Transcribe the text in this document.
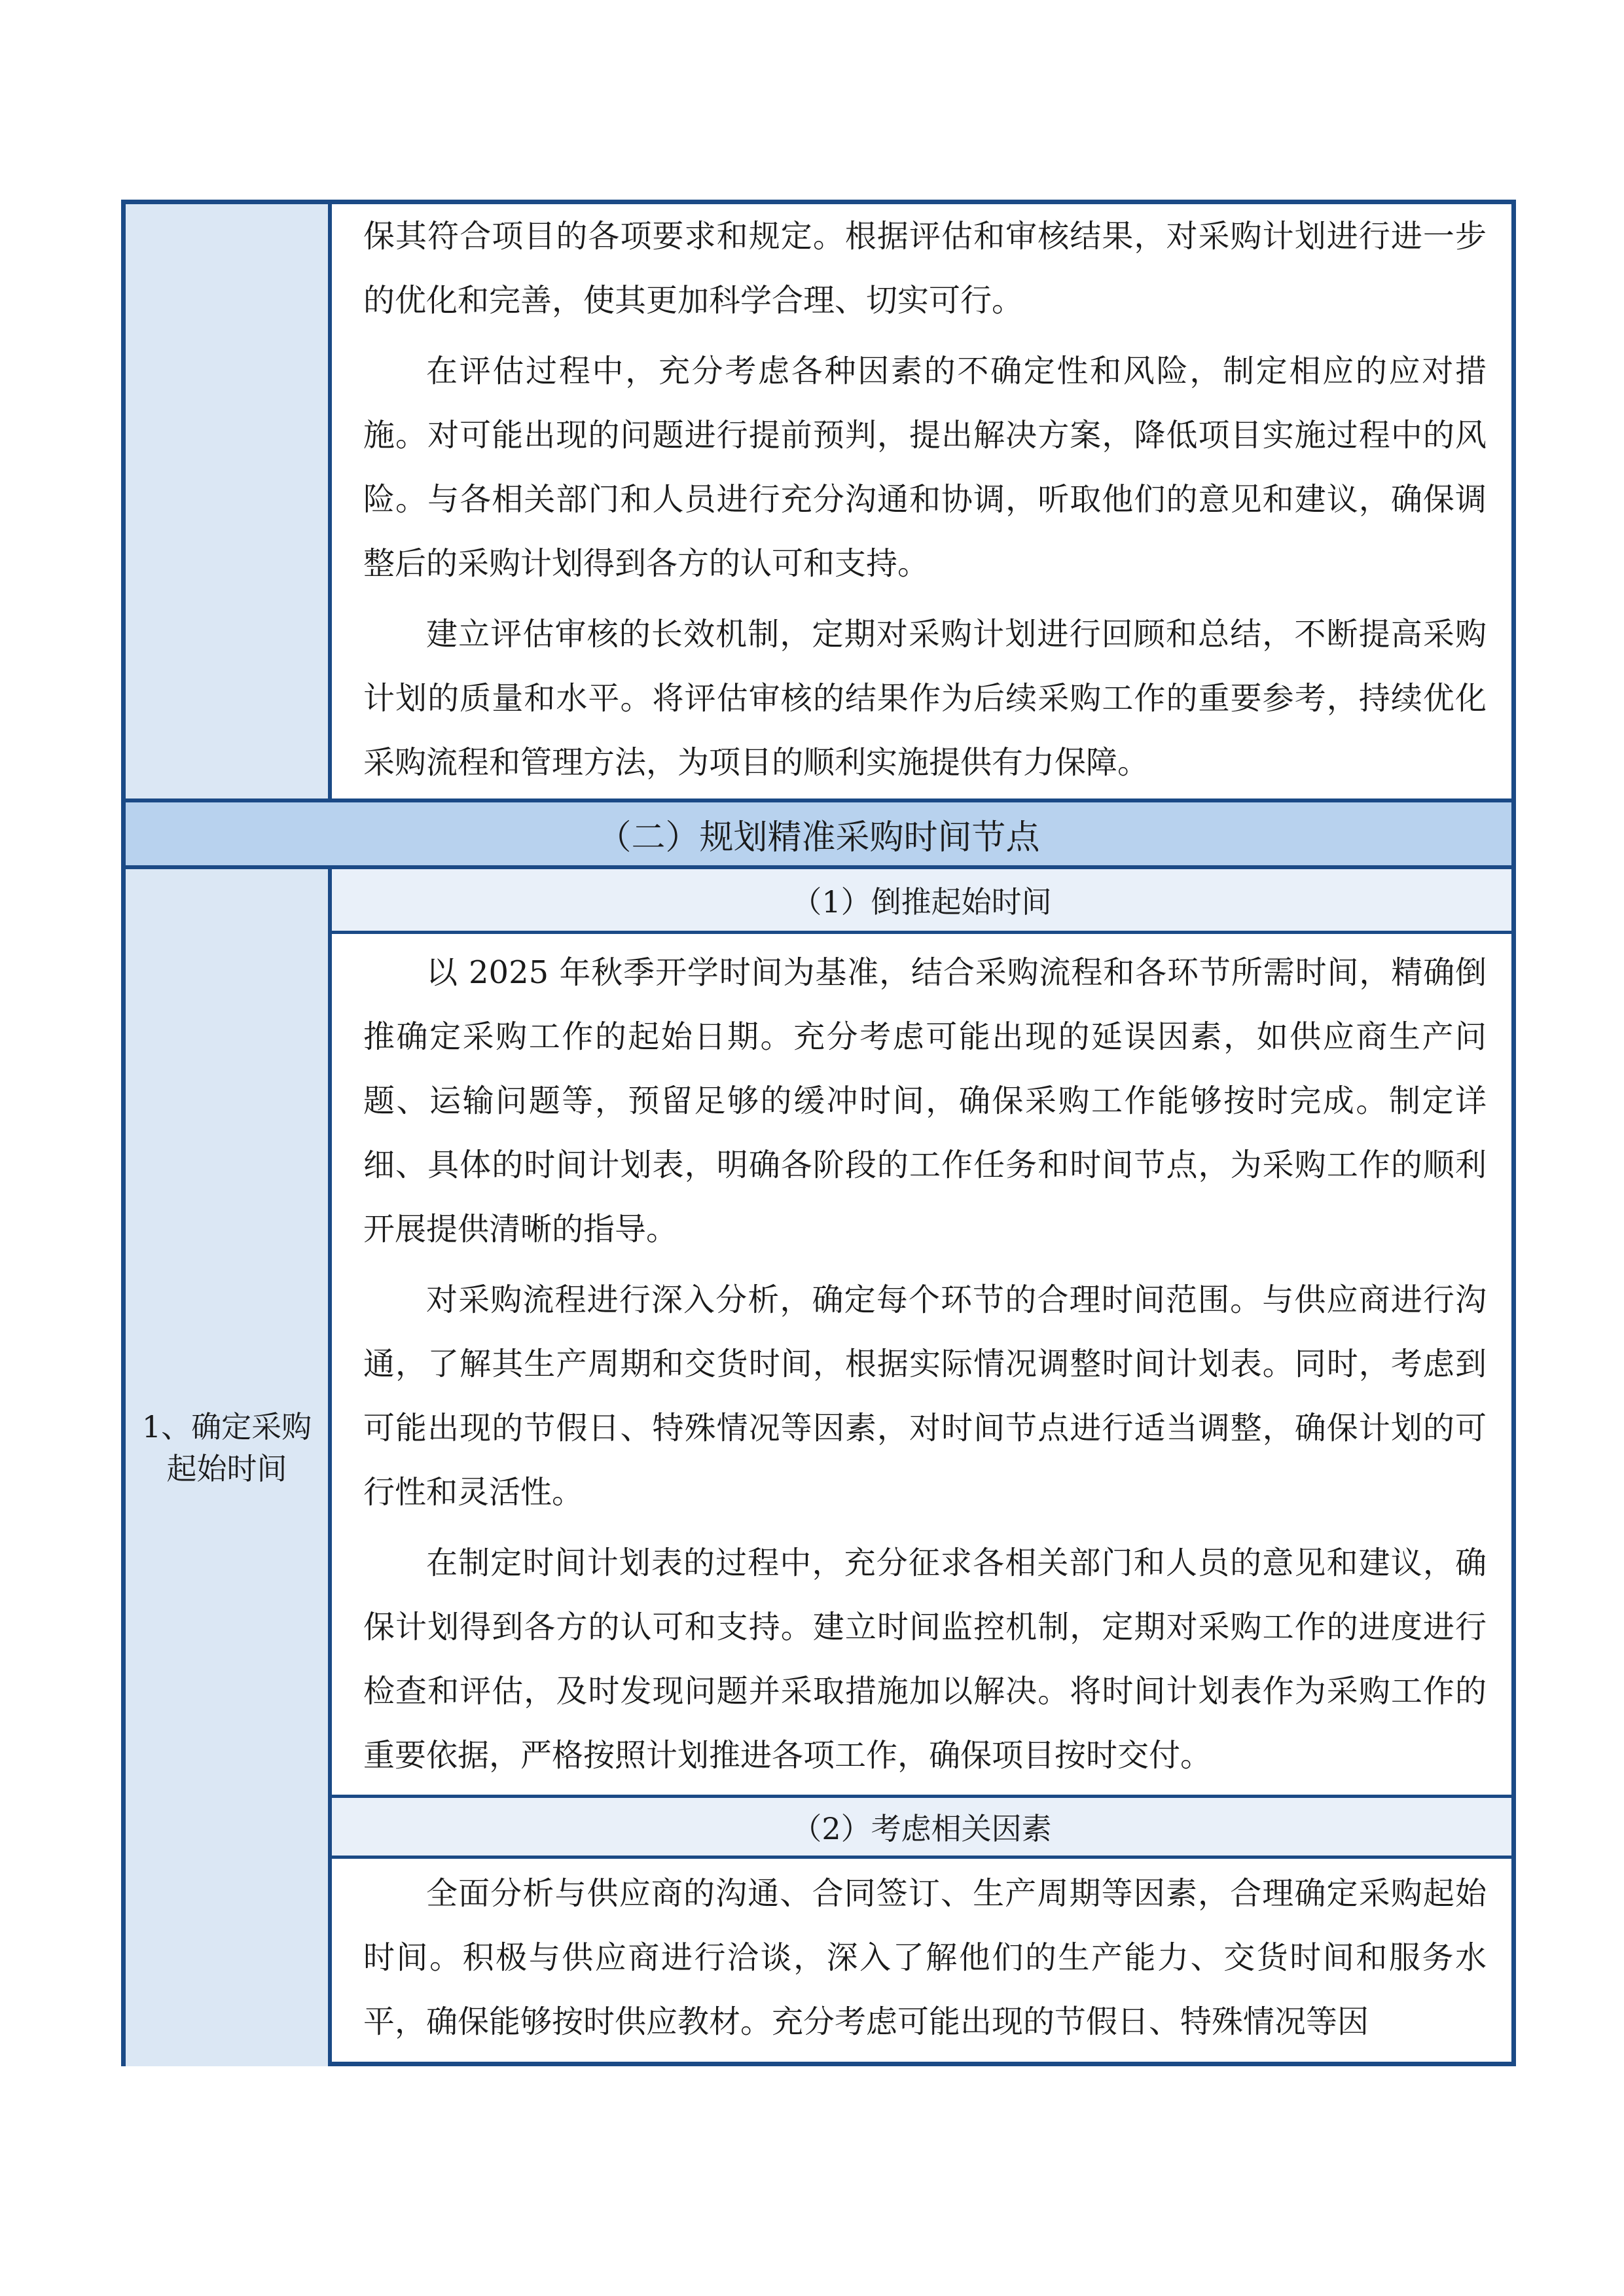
保其符合项目的各项要求和规定。根据评估和审核结果，对采购计划进行进一步的优化和完善，使其更加科学合理、切实可行。

在评估过程中，充分考虑各种因素的不确定性和风险，制定相应的应对措施。对可能出现的问题进行提前预判，提出解决方案，降低项目实施过程中的风险。与各相关部门和人员进行充分沟通和协调，听取他们的意见和建议，确保调整后的采购计划得到各方的认可和支持。

建立评估审核的长效机制，定期对采购计划进行回顾和总结，不断提高采购计划的质量和水平。将评估审核的结果作为后续采购工作的重要参考，持续优化采购流程和管理方法，为项目的顺利实施提供有力保障。

（二）规划精准采购时间节点
1、确定采购起始时间
（1）倒推起始时间

以 2025 年秋季开学时间为基准，结合采购流程和各环节所需时间，精确倒推确定采购工作的起始日期。充分考虑可能出现的延误因素，如供应商生产问题、运输问题等，预留足够的缓冲时间，确保采购工作能够按时完成。制定详细、具体的时间计划表，明确各阶段的工作任务和时间节点，为采购工作的顺利开展提供清晰的指导。

对采购流程进行深入分析，确定每个环节的合理时间范围。与供应商进行沟通，了解其生产周期和交货时间，根据实际情况调整时间计划表。同时，考虑到可能出现的节假日、特殊情况等因素，对时间节点进行适当调整，确保计划的可行性和灵活性。

在制定时间计划表的过程中，充分征求各相关部门和人员的意见和建议，确保计划得到各方的认可和支持。建立时间监控机制，定期对采购工作的进度进行检查和评估，及时发现问题并采取措施加以解决。将时间计划表作为采购工作的重要依据，严格按照计划推进各项工作，确保项目按时交付。

（2）考虑相关因素

全面分析与供应商的沟通、合同签订、生产周期等因素，合理确定采购起始时间。积极与供应商进行洽谈，深入了解他们的生产能力、交货时间和服务水平，确保能够按时供应教材。充分考虑可能出现的节假日、特殊情况等因
